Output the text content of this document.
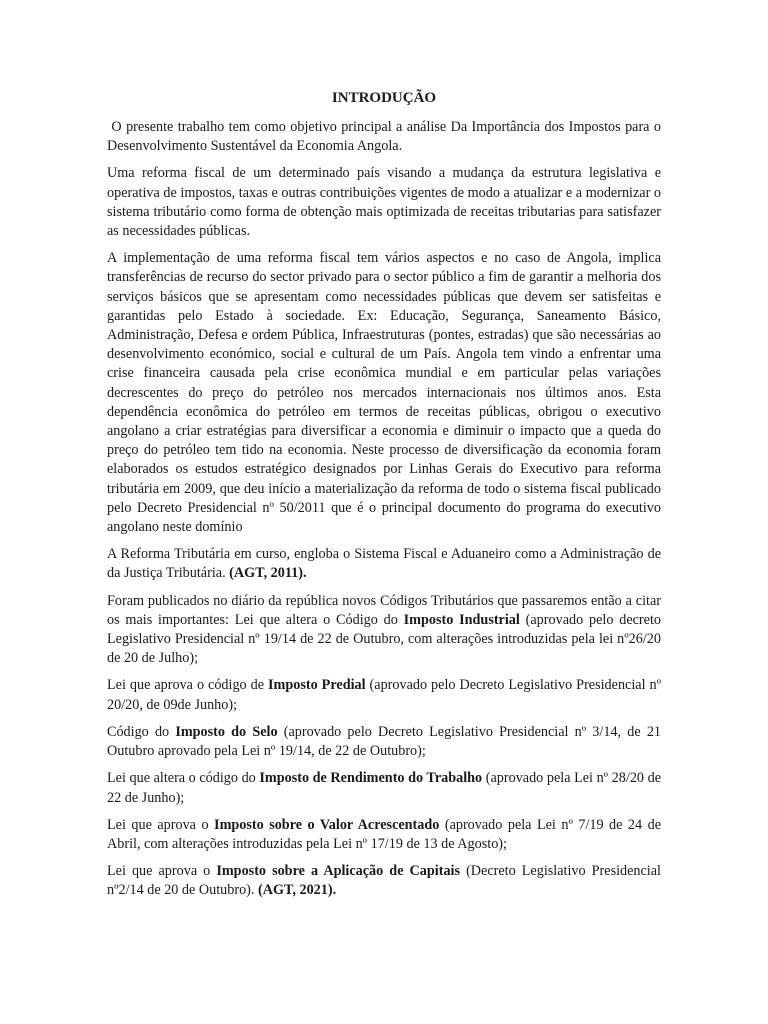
INTRODUÇÃO

O presente trabalho tem como objetivo principal a análise Da Importância dos Impostos para o Desenvolvimento Sustentável da Economia Angola.

Uma reforma fiscal de um determinado país visando a mudança da estrutura legislativa e operativa de impostos, taxas e outras contribuições vigentes de modo a atualizar e a modernizar o sistema tributário como forma de obtenção mais optimizada de receitas tributarias para satisfazer as necessidades públicas.

A implementação de uma reforma fiscal tem vários aspectos e no caso de Angola, implica transferências de recurso do sector privado para o sector público a fim de garantir a melhoria dos serviços básicos que se apresentam como necessidades públicas que devem ser satisfeitas e garantidas pelo Estado à sociedade. Ex: Educação, Segurança, Saneamento Básico, Administração, Defesa e ordem Pública, Infraestruturas (pontes, estradas) que são necessárias ao desenvolvimento económico, social e cultural de um País. Angola tem vindo a enfrentar uma crise financeira causada pela crise econômica mundial e em particular pelas variações decrescentes do preço do petróleo nos mercados internacionais nos últimos anos. Esta dependência econômica do petróleo em termos de receitas públicas, obrigou o executivo angolano a criar estratégias para diversificar a economia e diminuir o impacto que a queda do preço do petróleo tem tido na economia. Neste processo de diversificação da economia foram elaborados os estudos estratégico designados por Linhas Gerais do Executivo para reforma tributária em 2009, que deu início a materialização da reforma de todo o sistema fiscal publicado pelo Decreto Presidencial nº 50/2011 que é o principal documento do programa do executivo angolano neste domínio

A Reforma Tributária em curso, engloba o Sistema Fiscal e Aduaneiro como a Administração de da Justiça Tributária. (AGT, 2011).

Foram publicados no diário da república novos Códigos Tributários que passaremos então a citar os mais importantes: Lei que altera o Código do Imposto Industrial (aprovado pelo decreto Legislativo Presidencial nº 19/14 de 22 de Outubro, com alterações introduzidas pela lei nº26/20 de 20 de Julho);

Lei que aprova o código de Imposto Predial (aprovado pelo Decreto Legislativo Presidencial nº 20/20, de 09de Junho);

Código do Imposto do Selo (aprovado pelo Decreto Legislativo Presidencial nº 3/14, de 21 Outubro aprovado pela Lei nº 19/14, de 22 de Outubro);

Lei que altera o código do Imposto de Rendimento do Trabalho (aprovado pela Lei nº 28/20 de 22 de Junho);

Lei que aprova o Imposto sobre o Valor Acrescentado (aprovado pela Lei nº 7/19 de 24 de Abril, com alterações introduzidas pela Lei nº 17/19 de 13 de Agosto);

Lei que aprova o Imposto sobre a Aplicação de Capitais (Decreto Legislativo Presidencial nº2/14 de 20 de Outubro). (AGT, 2021).
